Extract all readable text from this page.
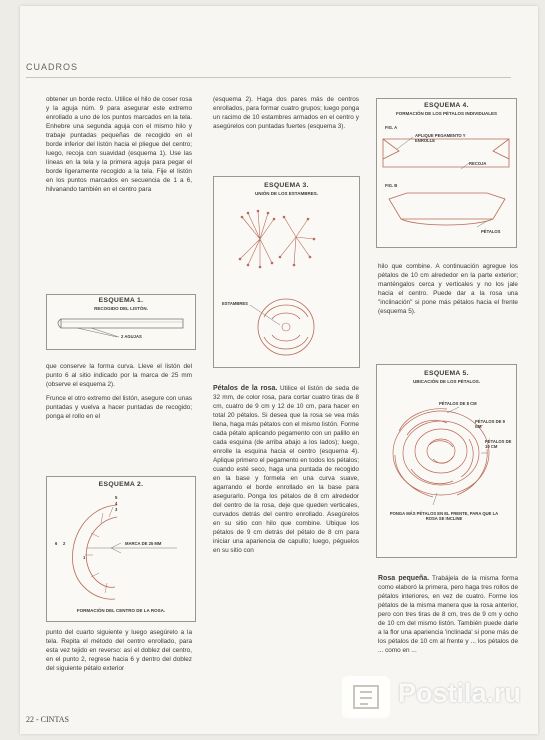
CUADROS

obtener un borde recto. Utilice el hilo de coser rosa y la aguja núm. 9 para asegurar este extremo enrollado a uno de los puntos marcados en la tela. Enhebre una segunda aguja con el mismo hilo y trabaje puntadas pequeñas de recogido en el borde inferior del listón hacia el pliegue del centro; luego, recoja con suavidad (esquema 1). Use las líneas en la tela y la primera aguja para pegar el borde ligeramente recogido a la tela. Fije el listón en los puntos marcados en secuencia de 1 a 6, hilvanando también en el centro para

ESQUEMA 1.
RECOGIDO DEL LISTÓN.
2 AGUJAS

que conserve la forma curva. Lleve el listón del punto 6 al sitio indicado por la marca de 25 mm (observe el esquema 2).

Frunce el otro extremo del listón, asegure con unas puntadas y vuelva a hacer puntadas de recogido; ponga el rollo en el

ESQUEMA 2.
5
4
3
6 2
1
MARCA DE 25 MM
FORMACIÓN DEL CENTRO DE LA ROSA.

punto del cuarto siguiente y luego asegúrelo a la tela. Repita el método del centro enrollado, para esta vez tejido en reverso: así el doblez del centro, en el punto 2, regrese hacia 6 y dentro del doblez del siguiente pétalo exterior

(esquema 2). Haga dos pares más de centros enrollados, para formar cuatro grupos; luego ponga un racimo de 10 estambres armados en el centro y asegúrelos con puntadas fuertes (esquema 3).

ESQUEMA 3.
UNIÓN DE LOS ESTAMBRES.
ESTAMBRES

Pétalos de la rosa. Utilice el listón de seda de 32 mm, de color rosa, para cortar cuatro tiras de 8 cm, cuatro de 9 cm y 12 de 10 cm, para hacer en total 20 pétalos. Si desea que la rosa se vea más llena, haga más pétalos con el mismo listón. Forme cada pétalo aplicando pegamento con un palillo en cada esquina (de arriba abajo a los lados); luego, enrolle la esquina hacia el centro (esquema 4). Aplique primero el pegamento en todos los pétalos; cuando esté seco, haga una puntada de recogido en la base y formela en una curva suave, agarrando el borde enrollado en la base para asegurarlo. Ponga los pétalos de 8 cm alrededor del centro de la rosa, deje que queden verticales, curvados detrás del centro enrollado. Asegúrelos en su sitio con hilo que combine. Ubique los pétalos de 9 cm detrás del pétalo de 8 cm para iniciar una apariencia de capullo; luego, péguelos en su sitio con

ESQUEMA 4.
FORMACIÓN DE LOS PÉTALOS INDIVIDUALES
FIG. A
FIG. B
APLIQUE PEGAMENTO Y ENROLLE
RECOJA
PÉTALOS

hilo que combine. A continuación agregue los pétalos de 10 cm alrededor en la parte exterior; manténgalos cerca y verticales y no los jale hacia el centro. Puede dar a la rosa una "inclinación" si pone más pétalos hacia el frente (esquema 5).

ESQUEMA 5.
UBICACIÓN DE LOS PÉTALOS.
PÉTALOS DE 8 CM
PÉTALOS DE 9 CM
PÉTALOS DE 10 CM
PONGA MÁS PÉTALOS EN EL FRENTE, PARA QUE LA ROSA SE INCLINE

Rosa pequeña. Trabájela de la misma forma como elaboró la primera, pero haga tres rollos de pétalos interiores, en vez de cuatro. Forme los pétalos de la misma manera que la rosa anterior, pero con tres tiras de 8 cm, tres de 9 cm y ocho de 10 cm del mismo listón. También puede darle a la flor una apariencia 'inclinada' si pone más de los pétalos de 10 cm al frente y ... los pétalos de ... como en ...

22 - CINTAS
Postila.ru
